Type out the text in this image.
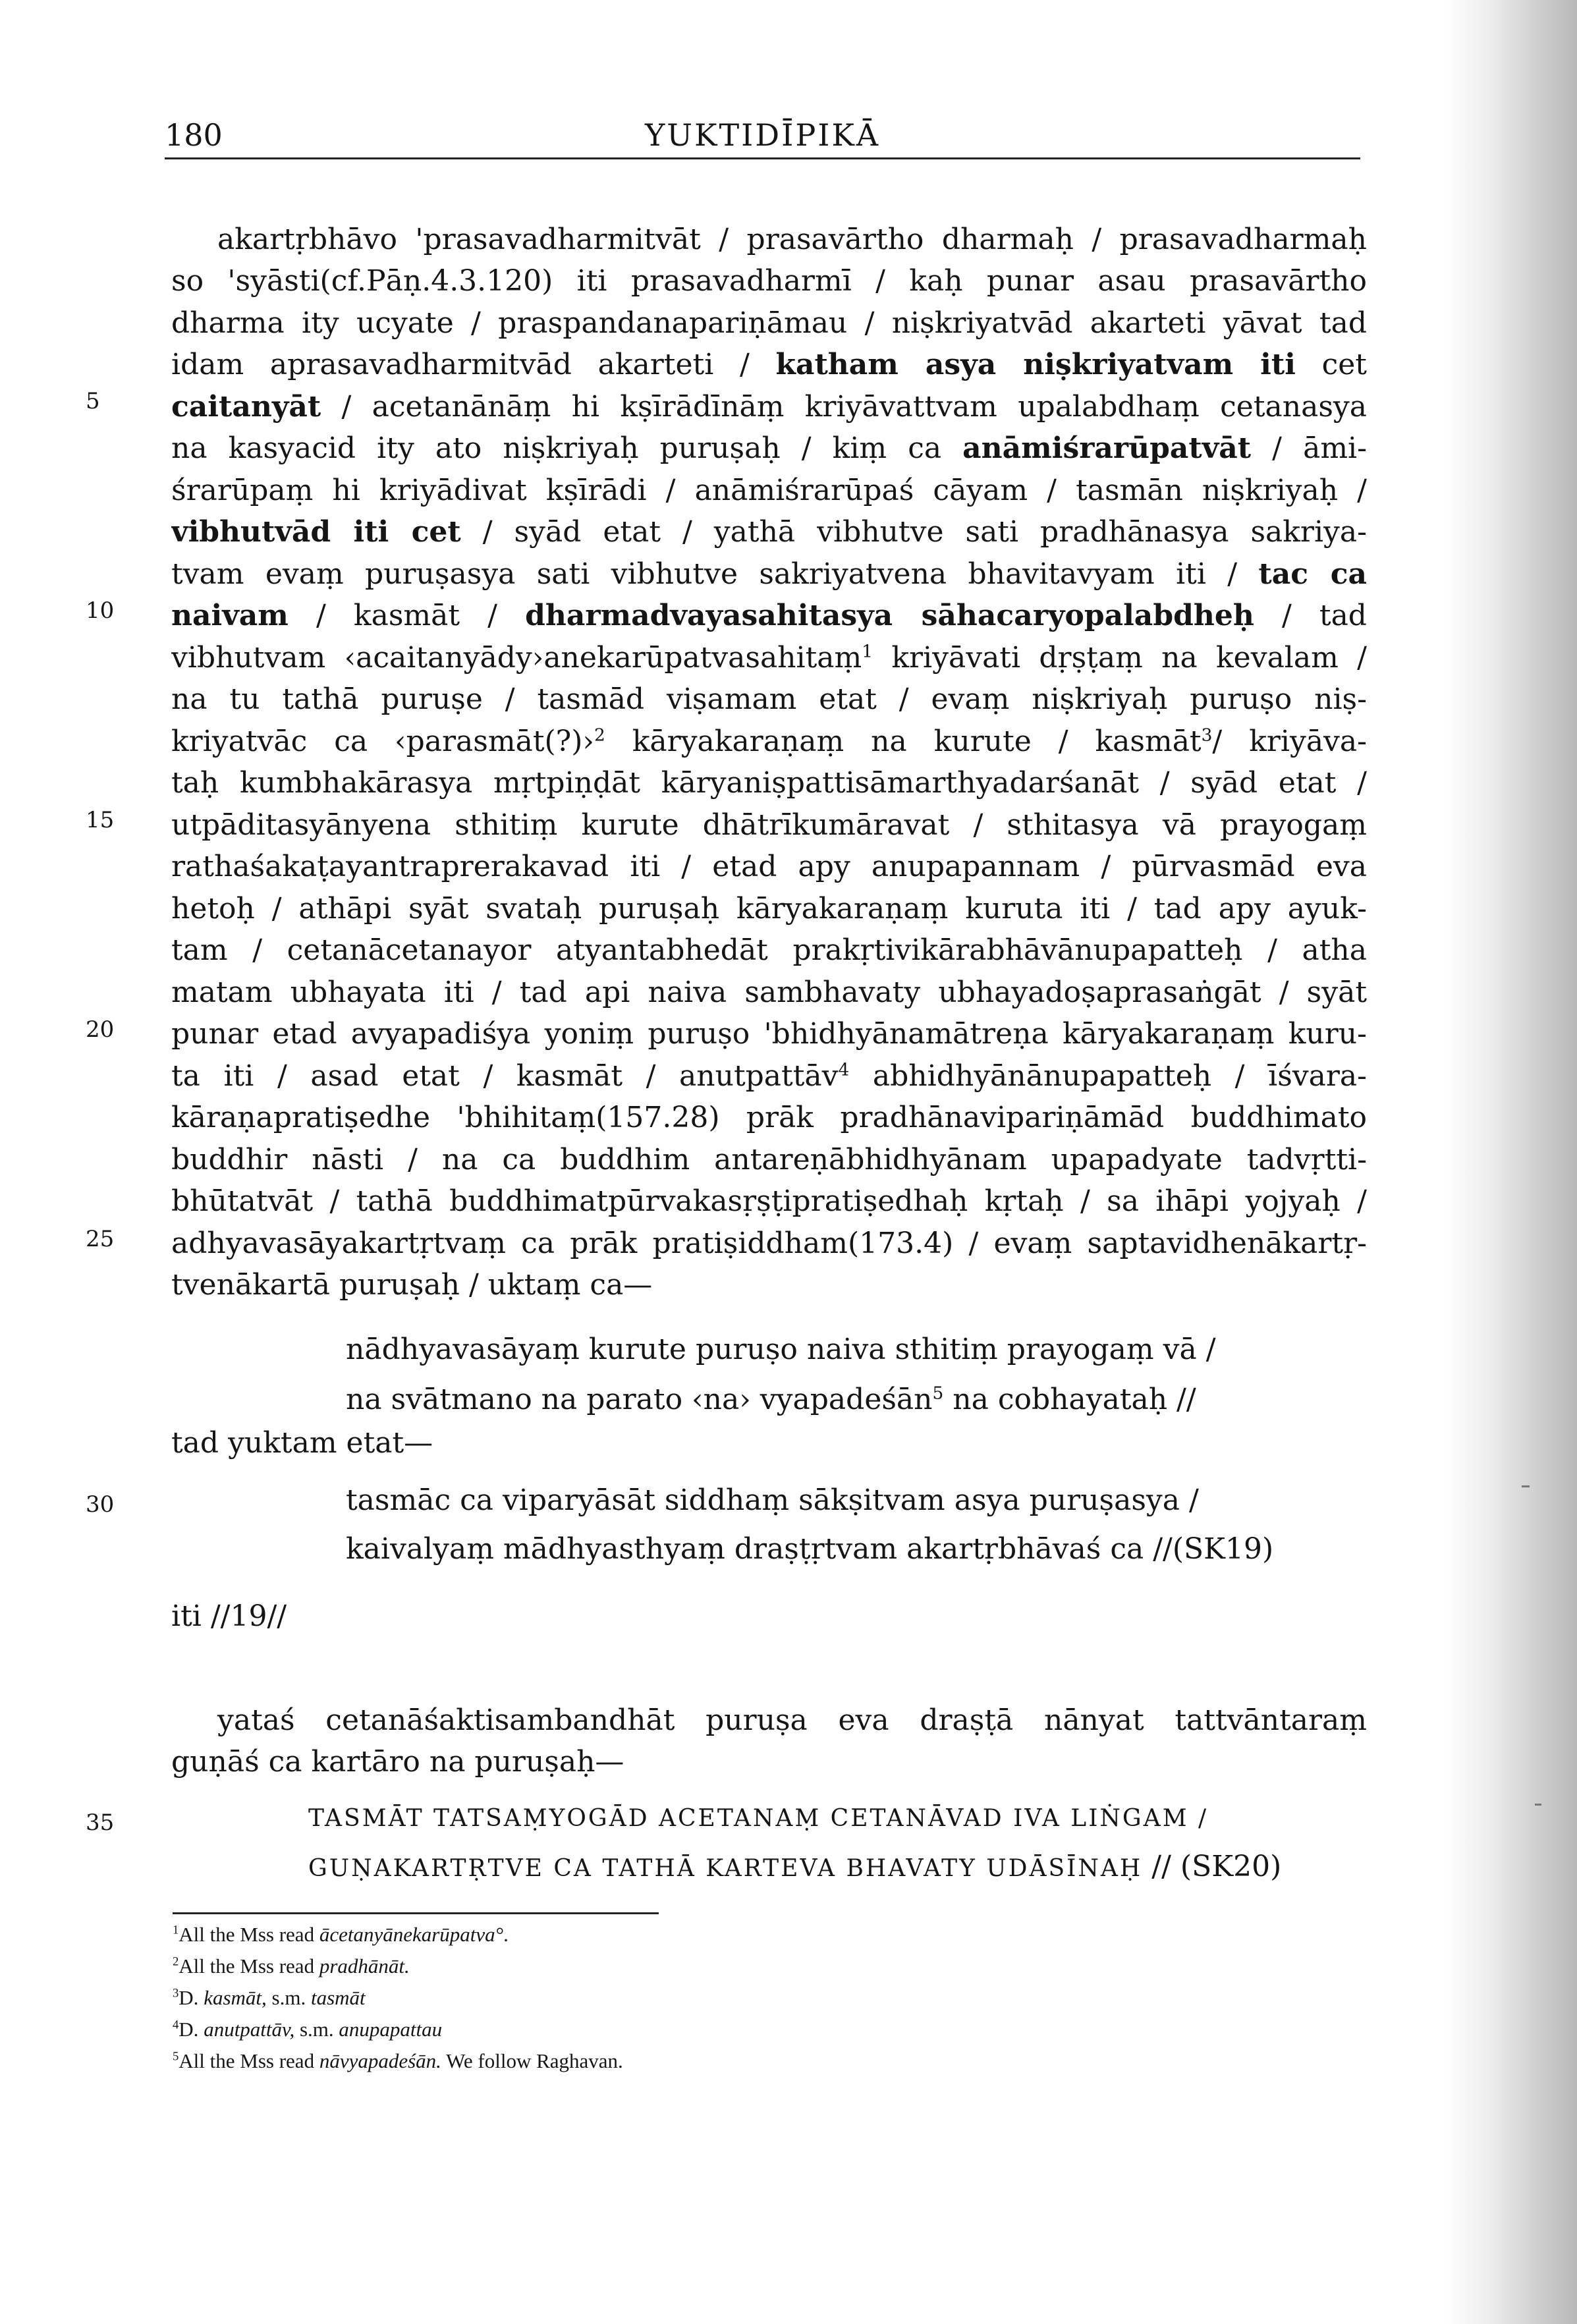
180	YUKTIDĪPIKĀ
5
10
15
20
25
30
35
akartṛbhāvo 'prasavadharmitvāt / prasavārtho dharmaḥ / prasavadharmaḥ
so 'syāsti(cf.Pāṇ.4.3.120) iti prasavadharmī / kaḥ punar asau prasavārtho
dharma ity ucyate / praspandanapariṇāmau / niṣkriyatvād akarteti yāvat tad
idam aprasavadharmitvād akarteti / katham asya niṣkriyatvam iti cet
caitanyāt / acetanānāṃ hi kṣīrādīnāṃ kriyāvattvam upalabdhaṃ cetanasya
na kasyacid ity ato niṣkriyaḥ puruṣaḥ / kiṃ ca anāmiśrarūpatvāt / āmi-
śrarūpaṃ hi kriyādivat kṣīrādi / anāmiśrarūpaś cāyam / tasmān niṣkriyaḥ /
vibhutvād iti cet / syād etat / yathā vibhutve sati pradhānasya sakriya-
tvam evaṃ puruṣasya sati vibhutve sakriyatvena bhavitavyam iti / tac ca
naivam / kasmāt / dharmadvayasahitasya sāhacaryopalabdheḥ / tad
vibhutvam ‹acaitanyādy›anekarūpatvasahitaṃ$^1$ kriyāvati dṛṣṭaṃ na kevalam /
na tu tathā puruṣe / tasmād viṣamam etat / evaṃ niṣkriyaḥ puruṣo niṣ-
kriyatvāc ca ‹parasmāt(?)›$^2$ kāryakaraṇaṃ na kurute / kasmāt$^3$/ kriyāva-
taḥ kumbhakārasya mṛtpiṇḍāt kāryaniṣpattisāmarthyadarśanāt / syād etat /
utpāditasyānyena sthitiṃ kurute dhātrīkumāravat / sthitasya vā prayogaṃ
rathaśakaṭayantraprerakavad iti / etad apy anupapannam / pūrvasmād eva
hetoḥ / athāpi syāt svataḥ puruṣaḥ kāryakaraṇaṃ kuruta iti / tad apy ayuk-
tam / cetanācetanayor atyantabhedāt prakṛtivikārabhāvānupapatteḥ / atha
matam ubhayata iti / tad api naiva sambhavaty ubhayadoṣaprasaṅgāt / syāt
punar etad avyapadiśya yoniṃ puruṣo 'bhidhyānamātreṇa kāryakaraṇaṃ kuru-
ta iti / asad etat / kasmāt / anutpattāv$^4$ abhidhyānānupapatteḥ / īśvara-
kāraṇapratiṣedhe 'bhihitaṃ(157.28) prāk pradhānavipariṇāmād buddhimato
buddhir nāsti / na ca buddhim antareṇābhidhyānam upapadyate tadvṛtti-
bhūtatvāt / tathā buddhimatpūrvakasṛṣṭipratiṣedhaḥ kṛtaḥ / sa ihāpi yojyaḥ /
adhyavasāyakartṛtvaṃ ca prāk pratiṣiddham(173.4) / evaṃ saptavidhenākartṛ-
tvenākartā puruṣaḥ / uktaṃ ca—
nādhyavasāyaṃ kurute puruṣo naiva sthitiṃ prayogaṃ vā /
na svātmano na parato ‹na› vyapadeśān$^5$ na cobhayataḥ //
tad yuktam etat—
tasmāc ca viparyāsāt siddhaṃ sākṣitvam asya puruṣasya /
kaivalyaṃ mādhyasthyaṃ draṣṭṛtvam akartṛbhāvaś ca //(SK19)
iti //19//
yataś cetanāśaktisambandhāt puruṣa eva draṣṭā nānyat tattvāntaraṃ
guṇāś ca kartāro na puruṣaḥ—
TASMĀT TATSAṂYOGĀD ACETANAṂ CETANĀVAD IVA LIṄGAM /
GUṆAKARTṚTVE CA TATHĀ KARTEVA BHAVATY UDĀSĪNAḤ // (SK20)
$^1$All the Mss read ācetanyānekarūpatva°.
$^2$All the Mss read pradhānāt.
$^3$D. kasmāt, s.m. tasmāt
$^4$D. anutpattāv, s.m. anupapattau
$^5$All the Mss read nāvyapadeśān. We follow Raghavan.
